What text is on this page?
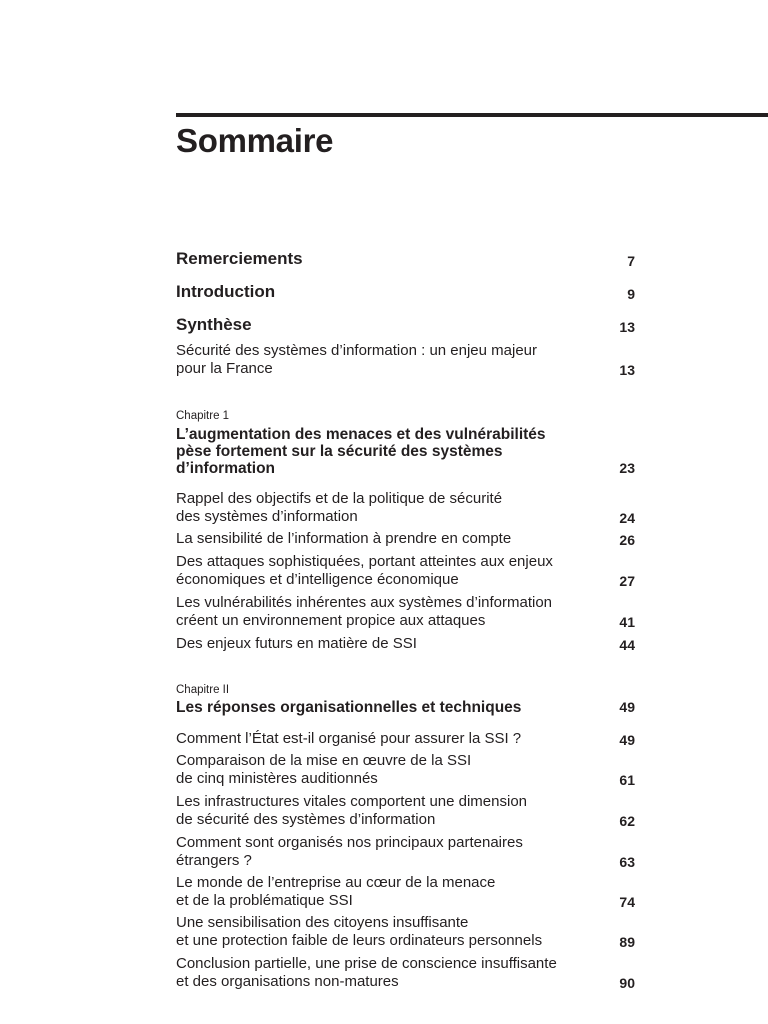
Sommaire
Remerciements	7
Introduction	9
Synthèse	13
Sécurité des systèmes d’information : un enjeu majeur
pour la France	13
Chapitre 1
L’augmentation des menaces et des vulnérabilités
pèse fortement sur la sécurité des systèmes
d’information	23
Rappel des objectifs et de la politique de sécurité
des systèmes d’information	24
La sensibilité de l’information à prendre en compte	26
Des attaques sophistiquées, portant atteintes aux enjeux
économiques et d’intelligence économique	27
Les vulnérabilités inhérentes aux systèmes d’information
créent un environnement propice aux attaques	41
Des enjeux futurs en matière de SSI	44
Chapitre II
Les réponses organisationnelles et techniques	49
Comment l’État est-il organisé pour assurer la SSI ?	49
Comparaison de la mise en œuvre de la SSI
de cinq ministères auditionnés	61
Les infrastructures vitales comportent une dimension
de sécurité des systèmes d’information	62
Comment sont organisés nos principaux partenaires
étrangers ?	63
Le monde de l’entreprise au cœur de la menace
et de la problématique SSI	74
Une sensibilisation des citoyens insuffisante
et une protection faible de leurs ordinateurs personnels	89
Conclusion partielle, une prise de conscience insuffisante
et des organisations non-matures	90
